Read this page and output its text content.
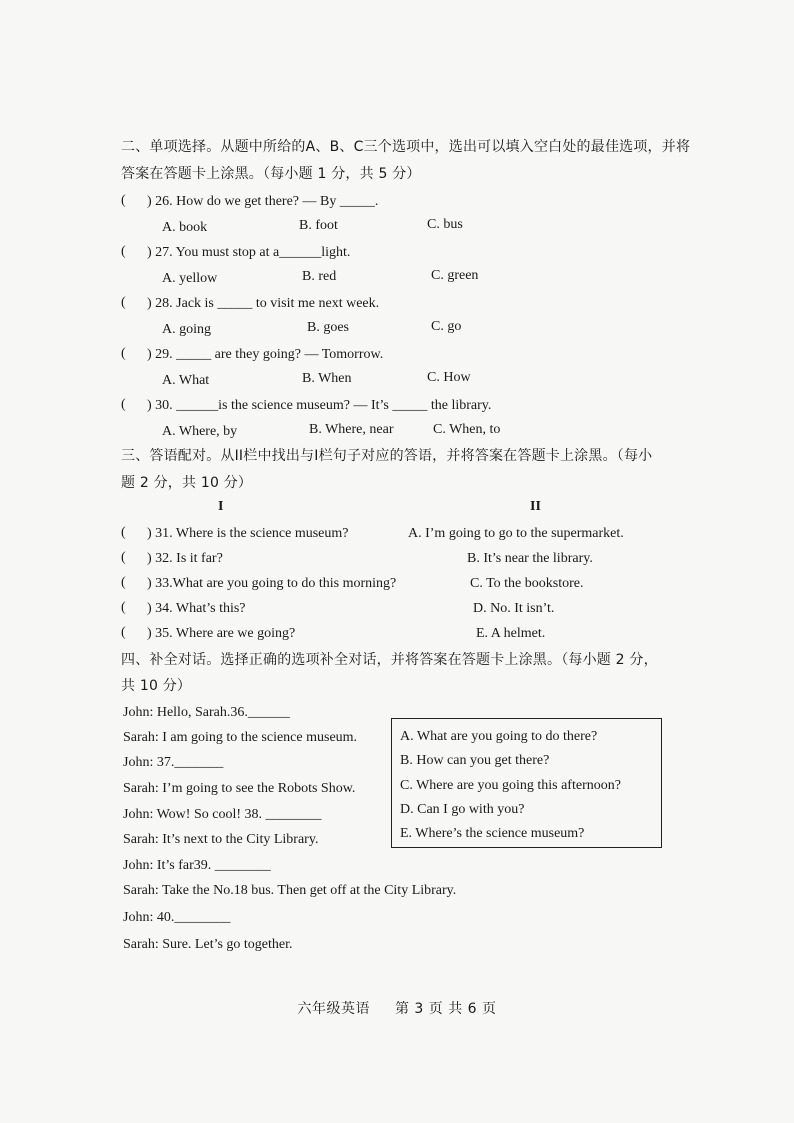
二、单项选择。从题中所给的A、B、C三个选项中，选出可以填入空白处的最佳选项，并将
答案在答题卡上涂黑。（每小题 1 分，共 5 分）
( ) 26. How do we get there? — By _____.
A. book	B. foot	C. bus
( ) 27. You must stop at a______light.
A. yellow	B. red	C. green
( ) 28. Jack is _____ to visit me next week.
A. going	B. goes	C. go
( ) 29. _____ are they going? — Tomorrow.
A. What	B. When	C. How
( ) 30. ______is the science museum? — It’s _____ the library.
A. Where, by	B. Where, near	C. When, to
三、答语配对。从II栏中找出与I栏句子对应的答语，并将答案在答题卡上涂黑。（每小
题 2 分，共 10 分）
I	II
( ) 31. Where is the science museum?	A. I’m going to go to the supermarket.
( ) 32. Is it far?	B. It’s near the library.
( ) 33.What are you going to do this morning?	C. To the bookstore.
( ) 34. What’s this?	D. No. It isn’t.
( ) 35. Where are we going?	E. A helmet.
四、补全对话。选择正确的选项补全对话，并将答案在答题卡上涂黑。（每小题 2 分，
共 10 分）
John: Hello, Sarah.36.______
Sarah: I am going to the science museum.
John: 37._______
Sarah: I’m going to see the Robots Show.
John: Wow! So cool! 38. ________
Sarah: It’s next to the City Library.
John: It’s far39. ________
Sarah: Take the No.18 bus. Then get off at the City Library.
John: 40.________
Sarah: Sure. Let’s go together.
A. What are you going to do there?
B. How can you get there?
C. Where are you going this afternoon?
D. Can I go with you?
E. Where’s the science museum?
六年级英语 第 3 页 共 6 页
